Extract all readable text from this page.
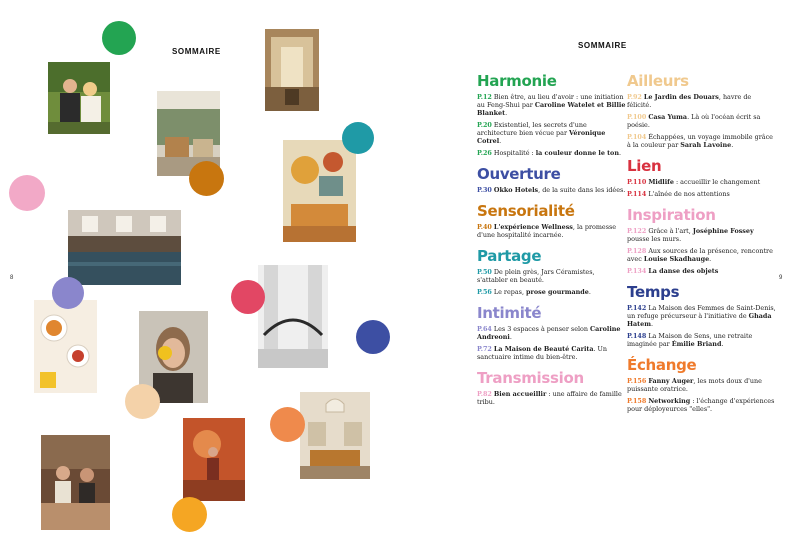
SOMMAIRE
SOMMAIRE
8	9
Harmonie
P.12 Bien être, au lieu d'avoir : une initiation au Feng-Shui par Caroline Watelet et Billie Blanket.
P.20 Existentiel, les secrets d'une architecture bien vécue par Véronique Cotrel.
P.26 Hospitalité : la couleur donne le ton.
Ouverture
P.30 Okko Hotels, de la suite dans les idées.
Sensorialité
P.40 L'expérience Wellness, la promesse d'une hospitalité incarnée.
Partage
P.50 De plein grès, Jars Céramistes, s'attabler en beauté.
P.56 Le repas, prose gourmande.
Intimité
P.64 Les 3 espaces à penser selon Caroline Andreoni.
P.72 La Maison de Beauté Carita. Un sanctuaire intime du bien-être.
Transmission
P.82 Bien accueillir : une affaire de famille tribu.
Ailleurs
P.92 Le Jardin des Douars, havre de félicité.
P.100 Casa Yuma. Là où l'océan écrit sa poésie.
P.104 Échappées, un voyage immobile grâce à la couleur par Sarah Lavoine.
Lien
P.110 Midlife : accueillir le changement
P.114 L'aînée de nos attentions
Inspiration
P.122 Grâce à l'art, Joséphine Fossey pousse les murs.
P.128 Aux sources de la présence, rencontre avec Louise Skadhauge.
P.134 La danse des objets
Temps
P.142 La Maison des Femmes de Saint-Denis, un refuge précurseur à l'initiative de Ghada Hatem.
P.148 La Maison de Sens, une retraite imaginée par Émilie Briand.
Échange
P.156 Fanny Auger, les mots doux d'une puissante oratrice.
P.158 Networking : l'échange d'expériences pour déployeurces "elles".
